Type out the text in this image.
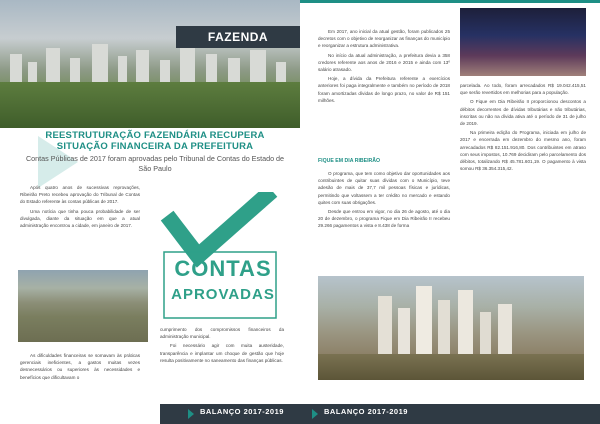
FAZENDA
REESTRUTURAÇÃO FAZENDÁRIA RECUPERA
SITUAÇÃO FINANCEIRA DA PREFEITURA
Contas Públicas de 2017 foram aprovadas pelo Tribunal de Contas do Estado de São Paulo

Após quatro anos de sucessivas reprovações, Ribeirão Preto recebeu aprovação do Tribunal de Contas do Estado referente às contas públicas de 2017.

Uma notícia que tinha pouca probabilidade de ser divulgada, diante da situação em que a atual administração encontrou a cidade, em janeiro de 2017.

As dificuldades financeiras se somavam às práticas gerenciais ineficientes, a gastos muitas vezes desnecessários ou superiores às necessidades e benefícios que dificultavam o

CONTAS
APROVADAS

cumprimento dos compromissos financeiros da administração municipal.

Foi necessário agir com muita austeridade, transparência e implantar um choque de gestão que hoje resulta positivamente no saneamento das finanças públicas.

Em 2017, ano inicial da atual gestão, foram publicados 25 decretos com o objetivo de reorganizar as finanças do município e reorganizar a estrutura administrativa.

No início da atual administração, a prefeitura devia a 358 credores referente aos anos de 2016 e 2015 e ainda com 13º salário atrasado.

Hoje, a dívida da Prefeitura referente a exercícios anteriores foi paga integralmente e também no período de 2018 foram amortizadas dívidas de longo prazo, no valor de R$ 151 milhões.

FIQUE EM DIA RIBEIRÃO

O programa, que tem como objetivo dar oportunidades aos contribuintes de quitar suas dívidas com o Município, teve adesão de mais de 37,7 mil pessoas físicas e jurídicas, permitindo que voltassem a ter crédito no mercado e estando quites com suas obrigações.

Desde que entrou em vigor, no dia 26 de agosto, até o dia 20 de dezembro, o programa Fique em Dia Ribeirão II recebeu 29.266 pagamentos a vista e 8.438 de forma

parcelada. Ao todo, foram arrecadados R$ 19.042.415,51 que serão revertidos em melhorias para a população.

O Fique em Dia Ribeirão II proporcionou descontos a débitos decorrentes de dívidas tributárias e não tributárias, inscritas ou não na dívida ativa até o período de 31 de julho de 2019.

Na primeira edição do Programa, iniciada em julho de 2017 e encerrada em dezembro do mesmo ano, foram arrecadados R$ 82.151.916,80. Dos contribuintes em atraso com seus impostos, 10.769 decidiram pelo parcelamento dos débitos, totalizando R$ 45.781.601,19. O pagamento à vista somou R$ 36.354.315,42.

BALANÇO 2017-2019	BALANÇO 2017-2019
